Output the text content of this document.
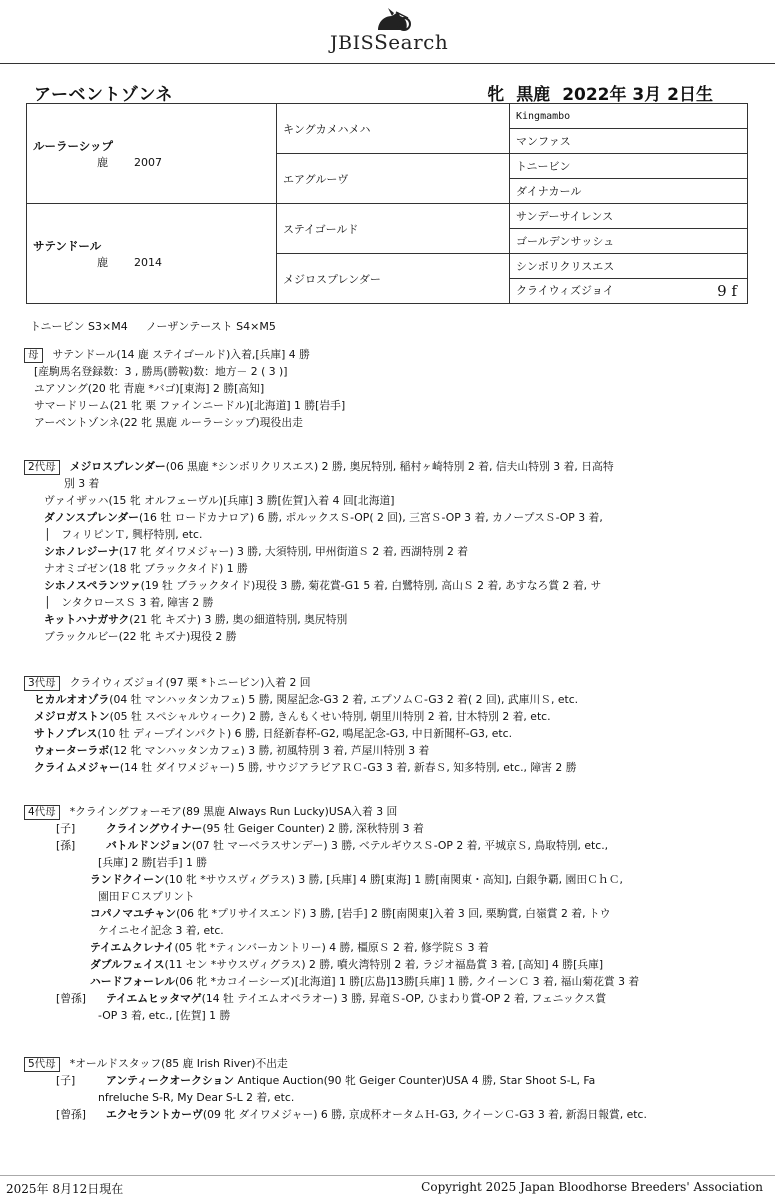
JBISSearch
アーベントゾンネ	牝 黒鹿 2022年 3月 2日生
ルーラーシップ
鹿 2007	キングカメハメハ	Kingmambo
		マンファス
	エアグルーヴ	トニービン
		ダイナカール

サテンドール
鹿 2014	ステイゴールド	サンデーサイレンス
		ゴールデンサッシュ
	メジロスプレンダー	シンボリクリスエス
		クライウィズジョイ 9 f
トニービン S3×M4 ノーザンテースト S4×M5
母 サテンドール(14 鹿 ステイゴールド)入着,[兵庫] 4 勝
[産駒馬名登録数：3 , 勝馬(勝鞍)数：地方－ 2 ( 3 )]
ユアソング(20 牝 青鹿 *バゴ)[東海] 2 勝[高知]
サマードリーム(21 牝 栗 ファインニードル)[北海道] 1 勝[岩手]
アーベントゾンネ(22 牝 黒鹿 ルーラーシップ)現役出走
2代母 メジロスプレンダー(06 黒鹿 *シンボリクリスエス) 2 勝, 奥尻特別, 稲村ヶ崎特別 2 着, 信夫山特別 3 着, 日高特
別 3 着
ヴァイザッハ(15 牝 オルフェーヴル)[兵庫] 3 勝[佐賀]入着 4 回[北海道]
ダノンスプレンダー(16 牡 ロードカナロア) 6 勝, ポルックスＳ-OP( 2 回), 三宮Ｓ-OP 3 着, カノープスＳ-OP 3 着,
│　フィリピンＴ, 興杼特別, etc.
シホノレジーナ(17 牝 ダイワメジャー) 3 勝, 大須特別, 甲州街道Ｓ 2 着, 西湖特別 2 着
ナオミゴゼン(18 牝 ブラックタイド) 1 勝
シホノスペランツァ(19 牡 ブラックタイド)現役 3 勝, 菊花賞-G1 5 着, 白鷺特別, 高山Ｓ 2 着, あすなろ賞 2 着, サ
│　ンタクロースＳ 3 着, 障害 2 勝
キットハナガサク(21 牝 キズナ) 3 勝, 奥の細道特別, 奥尻特別
ブラックルビー(22 牝 キズナ)現役 2 勝
3代母 クライウィズジョイ(97 栗 *トニービン)入着 2 回
ヒカルオオゾラ(04 牡 マンハッタンカフェ) 5 勝, 関屋記念-G3 2 着, エプソムＣ-G3 2 着( 2 回), 武庫川Ｓ, etc.
メジロガストン(05 牡 スペシャルウィーク) 2 勝, きんもくせい特別, 朝里川特別 2 着, 甘木特別 2 着, etc.
サトノプレス(10 牡 ディープインパクト) 6 勝, 日経新春杯-G2, 鳴尾記念-G3, 中日新聞杯-G3, etc.
ウォーターラボ(12 牝 マンハッタンカフェ) 3 勝, 初風特別 3 着, 芦屋川特別 3 着
クライムメジャー(14 牡 ダイワメジャー) 5 勝, サウジアラビアＲＣ-G3 3 着, 新春Ｓ, 知多特別, etc., 障害 2 勝
4代母 *クライングフォーモア(89 黒鹿 Always Run Lucky)USA入着 3 回
[子]	クライングウイナー(95 牡 Geiger Counter) 2 勝, 深秋特別 3 着
[孫]	バトルドンジョン(07 牡 マーベラスサンデー) 3 勝, ベテルギウスＳ-OP 2 着, 平城京Ｓ, 鳥取特別, etc.,
[兵庫] 2 勝[岩手] 1 勝
ランドクイーン(10 牝 *サウスヴィグラス) 3 勝, [兵庫] 4 勝[東海] 1 勝[南関東・高知], 白銀争覇, 園田ＣｈＣ,
園田ＦＣスプリント
コパノマユチャン(06 牝 *プリサイスエンド) 3 勝, [岩手] 2 勝[南関東]入着 3 回, 栗駒賞, 白嶺賞 2 着, トウ
ケイニセイ記念 3 着, etc.
テイエムクレナイ(05 牝 *ティンバーカントリー) 4 勝, 橿原Ｓ 2 着, 修学院Ｓ 3 着
ダブルフェイス(11 セン *サウスヴィグラス) 2 勝, 噴火湾特別 2 着, ラジオ福島賞 3 着, [高知] 4 勝[兵庫]
ハードフォーレル(06 牝 *カコイーシーズ)[北海道] 1 勝[広島]13勝[兵庫] 1 勝, クイーンＣ 3 着, 福山菊花賞 3 着
[曾孫] テイエムヒッタマゲ(14 牡 テイエムオペラオー) 3 勝, 昇竜Ｓ-OP, ひまわり賞-OP 2 着, フェニックス賞
-OP 3 着, etc., [佐賀] 1 勝
5代母 *オールドスタッフ(85 鹿 Irish River)不出走
[子]	アンティークオークション Antique Auction(90 牝 Geiger Counter)USA 4 勝, Star Shoot S-L, Fa
nfreluche S-R, My Dear S-L 2 着, etc.
[曾孫] エクセラントカーヴ(09 牝 ダイワメジャー) 6 勝, 京成杯オータムＨ-G3, クイーンＣ-G3 3 着, 新潟日報賞, etc.
2025年 8月12日現在	Copyright 2025 Japan Bloodhorse Breeders' Association
